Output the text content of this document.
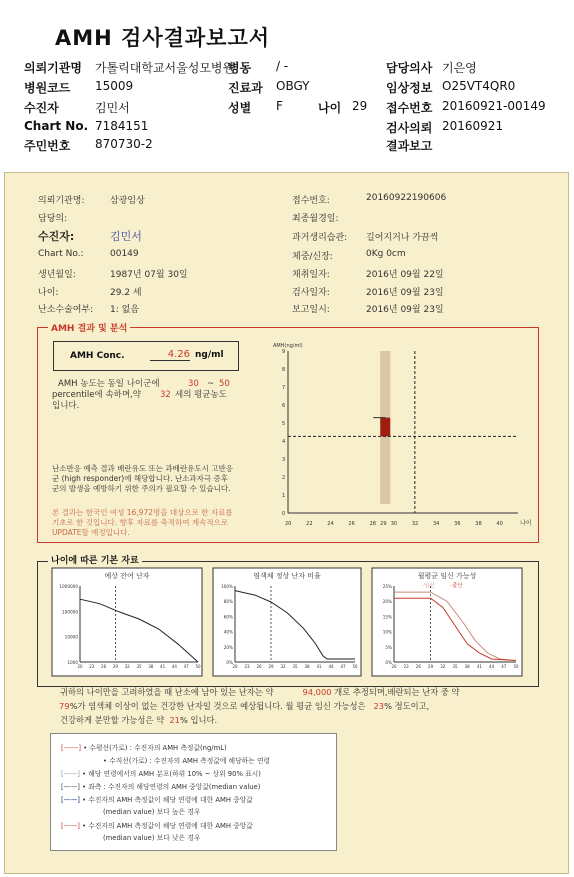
AMH 검사결과보고서
의뢰기관명 가톨릭대학교서울성모병원
병동 / -	담당의사 기은영
병원코드 15009	진료과 OBGY	임상정보 O25VT4QR0
수진자	김민서	성별 F	나이 29 접수번호 20160921-00149
Chart No. 7184151	검사의뢰 20160921
주민번호 870730-2	결과보고
의뢰기관명:	삼광임상
담당의:
수진자:	김민서
Chart No.:	00149
생년월일:	1987년 07월 30일
나이:	29.2 세
난소수술여부: 1: 없음
접수번호:	20160922190606
최종월경일:
과거생리습관: 길어지거나 가끔씩
체중/신장:	0Kg 0cm
채취일자:	2016년 09월 22일
검사일자:	2016년 09월 23일
보고일시:	2016년 09월 23일
AMH 결과 및 분석
AMH Conc.	4.26 ng/ml
AMH 농도는 동일 나이군에	30 ~ 50
percentile에 속하며,약 32 세의 평균농도
입니다.
난소반응 예측 결과 배란유도 또는 과배란유도시 고반응군 (high responder)에 해당합니다. 난소과자극 증후군의 발생을 예방하기 위한 주의가 필요할 수 있습니다.
본 결과는 한국인 여성 16,972명을 대상으로 한 자료를 기초로 한 것입니다. 향후 자료를 축적하여 계속적으로 UPDATE할 예정입니다.
AMH(ng/ml)
0
1
2
3
4
5
6
7
8
9
20	22	24	26	28 29 30	32	34	36	38	40	나이
나이에 따른 기본 자료
예상 잔여 난자
1000000
100000
10000
1000
20 23 26 29 32 35 38 41 44 47 50
염색체 정상 난자 비율
100%
80%
60%
40%
20%
0%
20 23 26 29 32 35 38 41 44 47 50
월평균 임신 가능성
25%
20%
15%
10%
5%
0%
20 23 26 29 32 35 38 41 44 47 50
-임신	-출산
귀하의 나이만을 고려하였을 때 난소에 남아 있는 난자는 약	94,000 개로 추정되며,배란되는 난자 중 약
79%가 염색체 이상이 없는 건강한 난자일 것으로 예상됩니다. 월 평균 임신 가능성은 23% 정도이고,
건강하게 분만할 가능성은 약 21% 입니다.
[------] • 수평선(가로) : 수진자의 AMH 측정값(ng/mL)
• 수직선(가로) : 수진자의 AMH 측정값에 해당하는 연령
[——] • 해당 연령에서의 AMH 분포(하위 10% ~ 상위 90% 표시)
[——] • 좌측 : 수진자의 해당연령의 AMH 중앙값(median value)
[——] • 수진자의 AMH 측정값이 해당 연령에 대한 AMH 중앙값
(median value) 보다 높은 경우
[——] • 수진자의 AMH 측정값이 해당 연령에 대한 AMH 중앙값
(median value) 보다 낮은 경우
